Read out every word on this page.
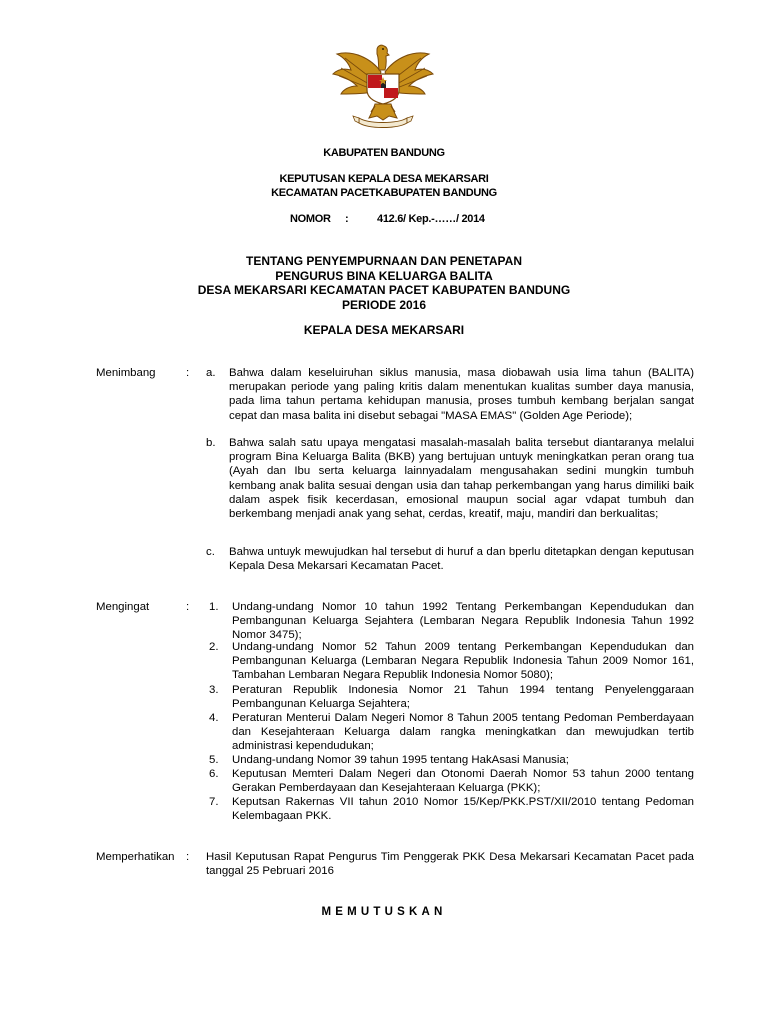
KABUPATEN BANDUNG
KEPUTUSAN KEPALA DESA MEKARSARI
KECAMATAN PACETKABUPATEN BANDUNG
NOMOR :	412.6/ Kep.-……/ 2014
TENTANG PENYEMPURNAAN DAN PENETAPAN
PENGURUS BINA KELUARGA BALITA
DESA MEKARSARI KECAMATAN PACET KABUPATEN BANDUNG
PERIODE 2016
KEPALA DESA MEKARSARI
Menimbang	: a. Bahwa dalam keseluiruhan siklus manusia, masa diobawah usia lima tahun (BALITA) merupakan periode yang paling kritis dalam menentukan kualitas sumber daya manusia, pada lima tahun pertama kehidupan manusia, proses tumbuh kembang berjalan sangat cepat dan masa balita ini disebut sebagai "MASA EMAS" (Golden Age Periode);
b. Bahwa salah satu upaya mengatasi masalah-masalah balita tersebut diantaranya melalui program Bina Keluarga Balita (BKB) yang bertujuan untuyk meningkatkan peran orang tua (Ayah dan Ibu serta keluarga lainnyadalam mengusahakan sedini mungkin tumbuh kembang anak balita sesuai dengan usia dan tahap perkembangan yang harus dimiliki baik dalam aspek fisik kecerdasan, emosional maupun social agar vdapat tumbuh dan berkembang menjadi anak yang sehat, cerdas, kreatif, maju, mandiri dan berkualitas;
c. Bahwa untuyk mewujudkan hal tersebut di huruf a dan bperlu ditetapkan dengan keputusan Kepala Desa Mekarsari Kecamatan Pacet.
Mengingat	: 1. Undang-undang Nomor 10 tahun 1992 Tentang Perkembangan Kependudukan dan Pembangunan Keluarga Sejahtera (Lembaran Negara Republik Indonesia Tahun 1992 Nomor 3475);
2. Undang-undang Nomor 52 Tahun 2009 tentang Perkembangan Kependudukan dan Pembangunan Keluarga (Lembaran Negara Republik Indonesia Tahun 2009 Nomor 161, Tambahan Lembaran Negara Republik Indonesia Nomor 5080);
3. Peraturan Republik Indonesia Nomor 21 Tahun 1994 tentang Penyelenggaraan Pembangunan Keluarga Sejahtera;
4. Peraturan Menterui Dalam Negeri Nomor 8 Tahun 2005 tentang Pedoman Pemberdayaan dan Kesejahteraan Keluarga dalam rangka meningkatkan dan mewujudkan tertib administrasi kependudukan;
5. Undang-undang Nomor 39 tahun 1995 tentang HakAsasi Manusia;
6. Keputusan Memteri Dalam Negeri dan Otonomi Daerah Nomor 53 tahun 2000 tentang Gerakan Pemberdayaan dan Kesejahteraan Keluarga (PKK);
7. Keputsan Rakernas VII tahun 2010 Nomor 15/Kep/PKK.PST/XII/2010 tentang Pedoman Kelembagaan PKK.
Memperhatikan : Hasil Keputusan Rapat Pengurus Tim Penggerak PKK Desa Mekarsari Kecamatan Pacet pada tanggal 25 Pebruari 2016
MEMUTUSKAN
